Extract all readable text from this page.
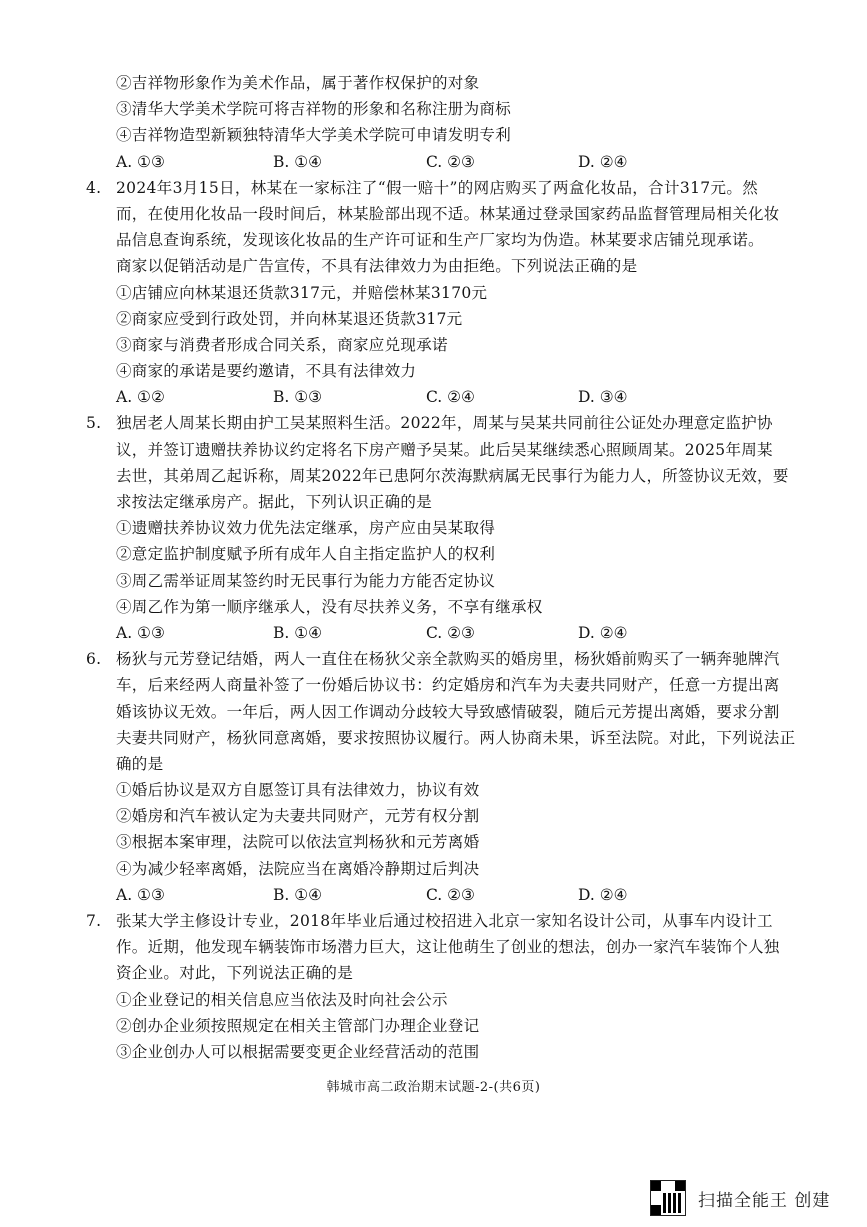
②吉祥物形象作为美术作品，属于著作权保护的对象
③清华大学美术学院可将吉祥物的形象和名称注册为商标
④吉祥物造型新颖独特清华大学美术学院可申请发明专利
A. ①③	B. ①④	C. ②③	D. ②④
4. 2024年3月15日，林某在一家标注了“假一赔十”的网店购买了两盒化妆品，合计317元。然
而，在使用化妆品一段时间后，林某脸部出现不适。林某通过登录国家药品监督管理局相关化妆
品信息查询系统，发现该化妆品的生产许可证和生产厂家均为伪造。林某要求店铺兑现承诺。
商家以促销活动是广告宣传，不具有法律效力为由拒绝。下列说法正确的是
①店铺应向林某退还货款317元，并赔偿林某3170元
②商家应受到行政处罚，并向林某退还货款317元
③商家与消费者形成合同关系，商家应兑现承诺
④商家的承诺是要约邀请，不具有法律效力
A. ①②	B. ①③	C. ②④	D. ③④
5. 独居老人周某长期由护工吴某照料生活。2022年，周某与吴某共同前往公证处办理意定监护协
议，并签订遗赠扶养协议约定将名下房产赠予吴某。此后吴某继续悉心照顾周某。2025年周某
去世，其弟周乙起诉称，周某2022年已患阿尔茨海默病属无民事行为能力人，所签协议无效，要
求按法定继承房产。据此，下列认识正确的是
①遗赠扶养协议效力优先法定继承，房产应由吴某取得
②意定监护制度赋予所有成年人自主指定监护人的权利
③周乙需举证周某签约时无民事行为能力方能否定协议
④周乙作为第一顺序继承人，没有尽扶养义务，不享有继承权
A. ①③	B. ①④	C. ②③	D. ②④
6. 杨狄与元芳登记结婚，两人一直住在杨狄父亲全款购买的婚房里，杨狄婚前购买了一辆奔驰牌汽
车，后来经两人商量补签了一份婚后协议书：约定婚房和汽车为夫妻共同财产，任意一方提出离
婚该协议无效。一年后，两人因工作调动分歧较大导致感情破裂，随后元芳提出离婚，要求分割
夫妻共同财产，杨狄同意离婚，要求按照协议履行。两人协商未果，诉至法院。对此，下列说法正
确的是
①婚后协议是双方自愿签订具有法律效力，协议有效
②婚房和汽车被认定为夫妻共同财产，元芳有权分割
③根据本案审理，法院可以依法宣判杨狄和元芳离婚
④为减少轻率离婚，法院应当在离婚冷静期过后判决
A. ①③	B. ①④	C. ②③	D. ②④
7. 张某大学主修设计专业，2018年毕业后通过校招进入北京一家知名设计公司，从事车内设计工
作。近期，他发现车辆装饰市场潜力巨大，这让他萌生了创业的想法，创办一家汽车装饰个人独
资企业。对此，下列说法正确的是
①企业登记的相关信息应当依法及时向社会公示
②创办企业须按照规定在相关主管部门办理企业登记
③企业创办人可以根据需要变更企业经营活动的范围
韩城市高二政治期末试题-2-(共6页)
扫描全能王 创建
